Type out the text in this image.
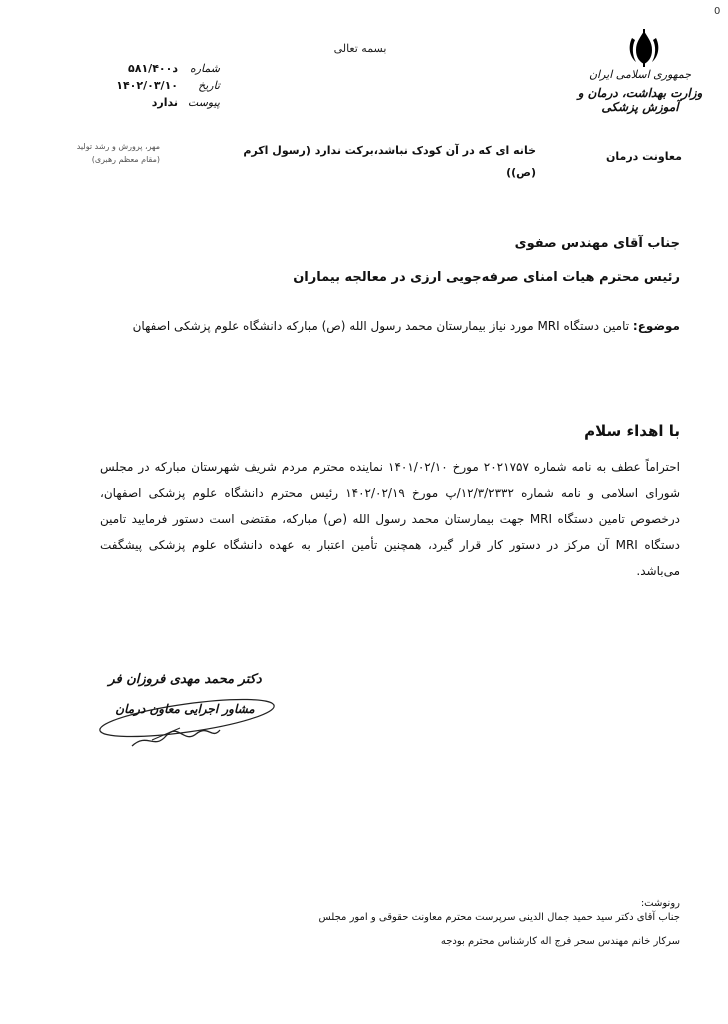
0
بسمه تعالی
جمهوری اسلامی ایران
وزارت بهداشت، درمان و آموزش پزشکی
معاونت درمان
شماره
۵۸۱/۴۰۰د
تاریخ
۱۴۰۲/۰۳/۱۰
پیوست
ندارد
خانه ای که در آن کودک نباشد،برکت ندارد (رسول اکرم (ص))
مهر، پرورش و رشد تولید (مقام معظم رهبری)
جناب آقای مهندس صفوی
رئیس محترم هیات امنای صرفه‌جویی ارزی در معالجه بیماران
موضوع: تامین دستگاه MRI مورد نیاز بیمارستان محمد رسول الله (ص) مبارکه دانشگاه علوم پزشکی اصفهان
با اهداء سلام
احتراماً عطف به نامه شماره ۲۰۲۱۷۵۷ مورخ ۱۴۰۱/۰۲/۱۰ نماینده محترم مردم شریف شهرستان مبارکه در مجلس شورای اسلامی و نامه شماره ۱۲/۳/۲۳۳۲/پ مورخ ۱۴۰۲/۰۲/۱۹ رئیس محترم دانشگاه علوم پزشکی اصفهان، درخصوص تامین دستگاه MRI جهت بیمارستان محمد رسول الله (ص) مبارکه، مقتضی است دستور فرمایید تامین دستگاه MRI آن مرکز در دستور کار قرار گیرد، همچنین تأمین اعتبار به عهده دانشگاه علوم پزشکی پیشگفت می‌باشد.
دکتر محمد مهدی فروزان فر
مشاور اجرایی معاون درمان
رونوشت:
جناب آقای دکتر سید حمید جمال الدینی سرپرست محترم معاونت حقوقی و امور مجلس
سرکار خانم مهندس سحر فرج اله کارشناس محترم بودجه
